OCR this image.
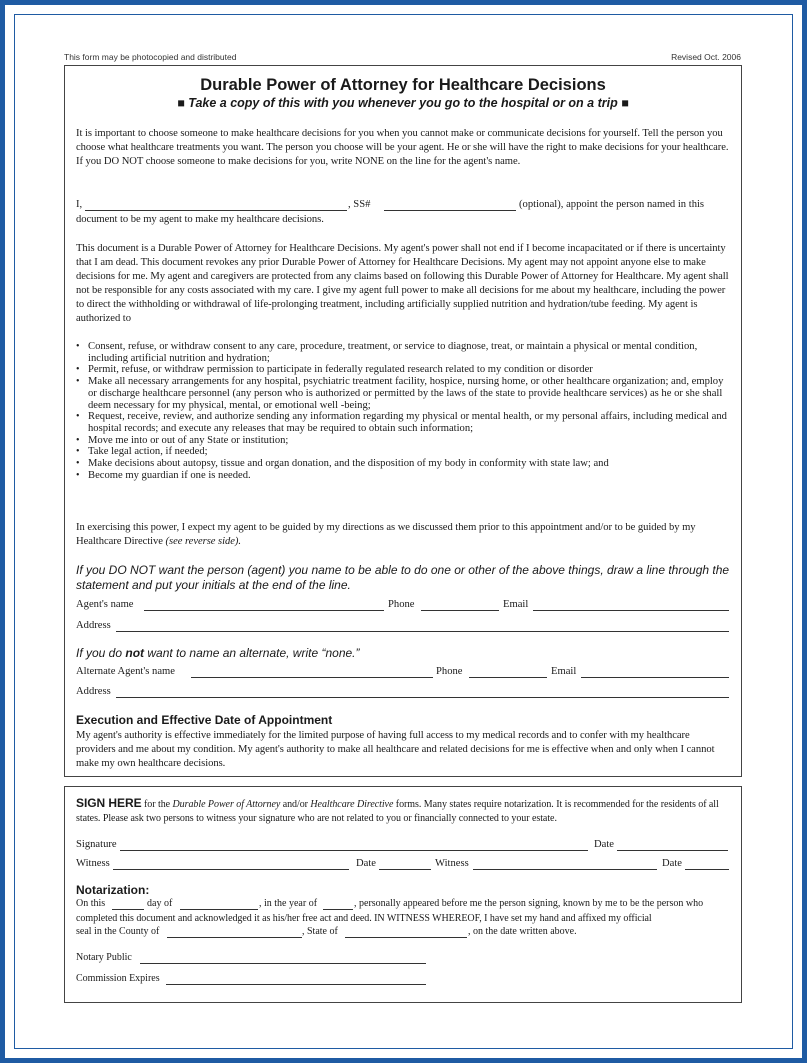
This form may be photocopied and distributed	Revised Oct. 2006
Durable Power of Attorney for Healthcare Decisions
■ Take a copy of this with you whenever you go to the hospital or on a trip ■

It is important to choose someone to make healthcare decisions for you when you cannot make or communicate decisions for yourself. Tell the person you choose what healthcare treatments you want. The person you choose will be your agent. He or she will have the right to make decisions for your healthcare. If you DO NOT choose someone to make decisions for you, write NONE on the line for the agent's name.

I,	, SS#	(optional), appoint the person named in this

document to be my agent to make my healthcare decisions.

This document is a Durable Power of Attorney for Healthcare Decisions. My agent's power shall not end if I become incapacitated or if there is uncertainty that I am dead. This document revokes any prior Durable Power of Attorney for Healthcare Decisions. My agent may not appoint anyone else to make decisions for me. My agent and caregivers are protected from any claims based on following this Durable Power of Attorney for Healthcare. My agent shall not be responsible for any costs associated with my care. I give my agent full power to make all decisions for me about my healthcare, including the power to direct the withholding or withdrawal of life-prolonging treatment, including artificially supplied nutrition and hydration/tube feeding. My agent is authorized to

• Consent, refuse, or withdraw consent to any care, procedure, treatment, or service to diagnose, treat, or maintain a physical or mental condition, including artificial nutrition and hydration;
• Permit, refuse, or withdraw permission to participate in federally regulated research related to my condition or disorder
• Make all necessary arrangements for any hospital, psychiatric treatment facility, hospice, nursing home, or other healthcare organization; and, employ or discharge healthcare personnel (any person who is authorized or permitted by the laws of the state to provide healthcare services) as he or she shall deem necessary for my physical, mental, or emotional well -being;
• Request, receive, review, and authorize sending any information regarding my physical or mental health, or my personal affairs, including medical and hospital records; and execute any releases that may be required to obtain such information;
• Move me into or out of any State or institution;
• Take legal action, if needed;
• Make decisions about autopsy, tissue and organ donation, and the disposition of my body in conformity with state law; and
• Become my guardian if one is needed.

In exercising this power, I expect my agent to be guided by my directions as we discussed them prior to this appointment and/or to be guided by my Healthcare Directive (see reverse side).

If you DO NOT want the person (agent) you name to be able to do one or other of the above things, draw a line through the statement and put your initials at the end of the line.
Agent's name	Phone	Email
Address
If you do not want to name an alternate, write “none.”
Alternate Agent's name	Phone	Email
Address
Execution and Effective Date of Appointment

My agent's authority is effective immediately for the limited purpose of having full access to my medical records and to confer with my healthcare providers and me about my condition. My agent's authority to make all healthcare and related decisions for me is effective when and only when I cannot make my own healthcare decisions.

SIGN HERE for the Durable Power of Attorney and/or Healthcare Directive forms. Many states require notarization. It is recommended for the residents of all states. Please ask two persons to witness your signature who are not related to you or financially connected to your estate.

Signature	Date
Witness	Date	Witness	Date
Notarization:
On this	day of	, in the year of	, personally appeared before me the person signing, known by me to be the person who

completed this document and acknowledged it as his/her free act and deed. IN WITNESS WHEREOF, I have set my hand and affixed my official

seal in the County of	, State of	, on the date written above.
Notary Public
Commission Expires
